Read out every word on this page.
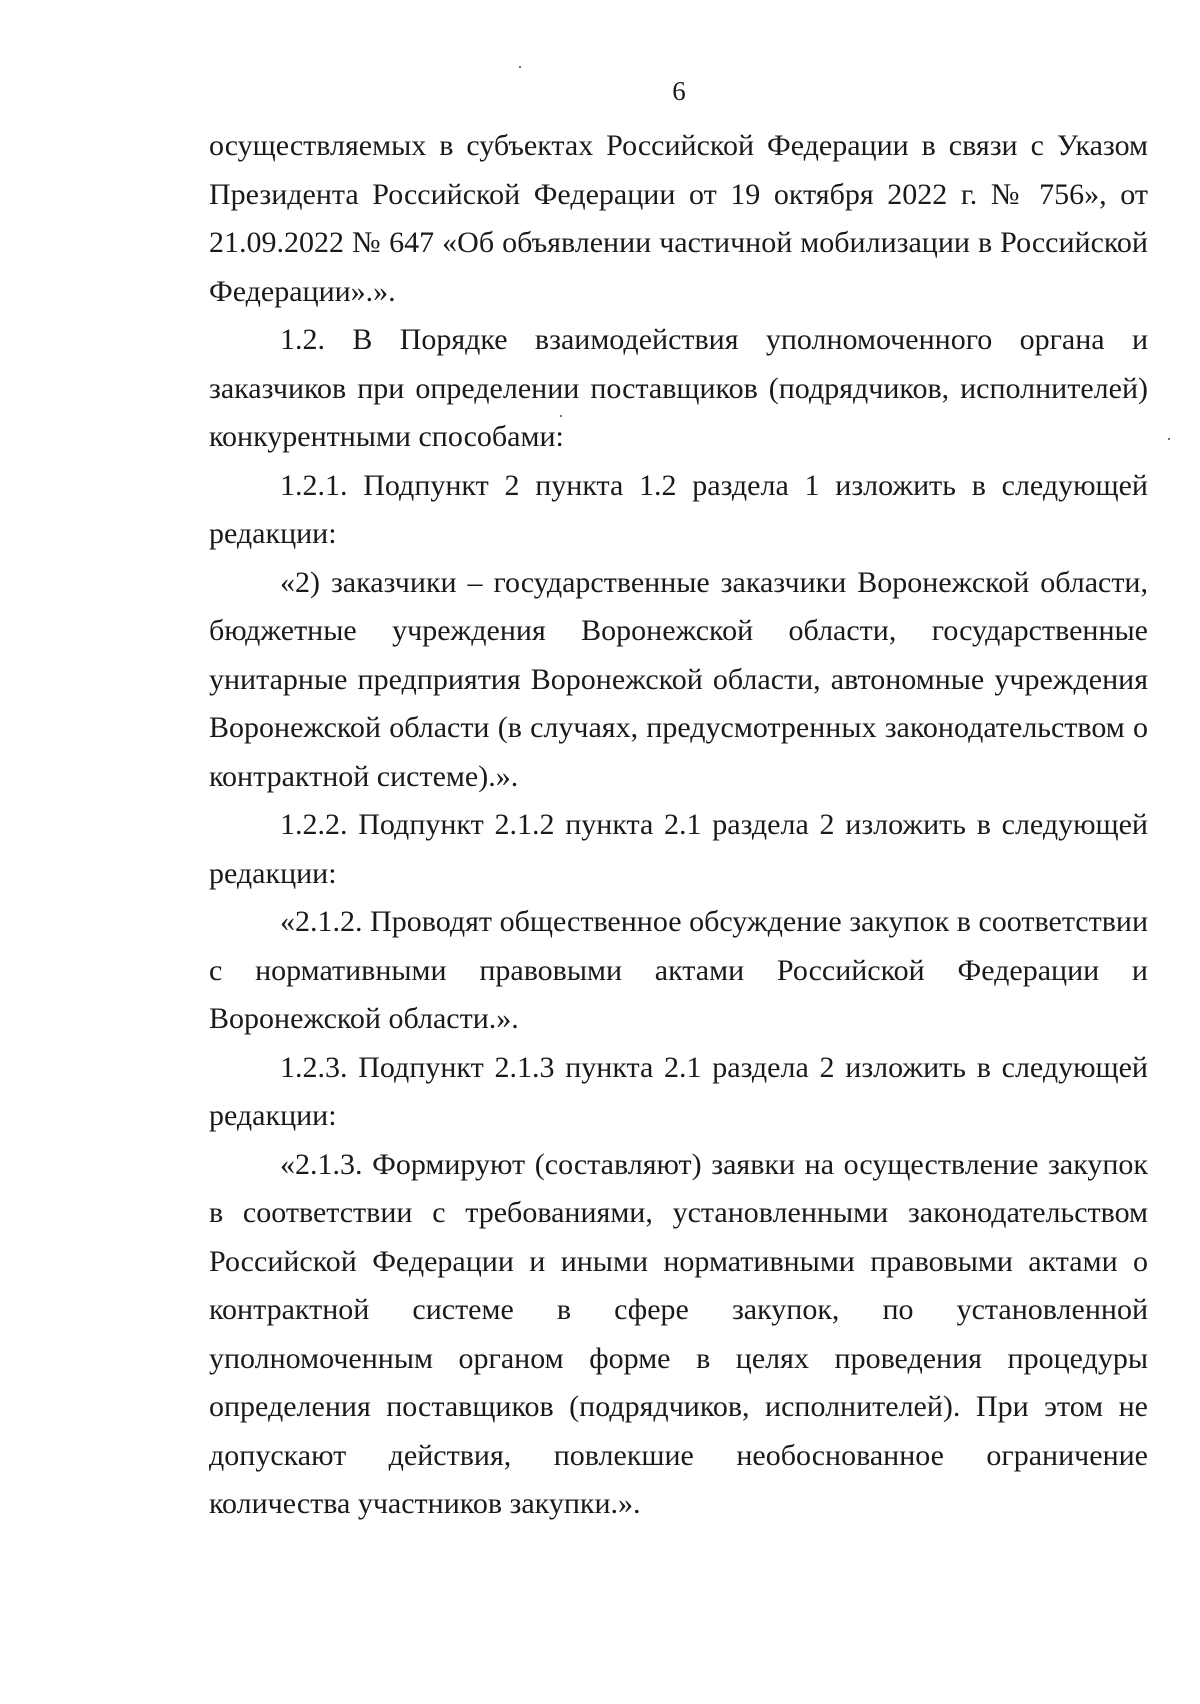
6

осуществляемых в субъектах Российской Федерации в связи с Указом Президента Российской Федерации от 19 октября 2022 г. № 756», от 21.09.2022 № 647 «Об объявлении частичной мобилизации в Российской Федерации».».

1.2. В Порядке взаимодействия уполномоченного органа и заказчиков при определении поставщиков (подрядчиков, исполнителей) конкурентными способами:

1.2.1. Подпункт 2 пункта 1.2 раздела 1 изложить в следующей редакции:

«2) заказчики – государственные заказчики Воронежской области, бюджетные учреждения Воронежской области, государственные унитарные предприятия Воронежской области, автономные учреждения Воронежской области (в случаях, предусмотренных законодательством о контрактной системе).».

1.2.2. Подпункт 2.1.2 пункта 2.1 раздела 2 изложить в следующей редакции:

«2.1.2. Проводят общественное обсуждение закупок в соответствии с нормативными правовыми актами Российской Федерации и Воронежской области.».

1.2.3. Подпункт 2.1.3 пункта 2.1 раздела 2 изложить в следующей редакции:

«2.1.3. Формируют (составляют) заявки на осуществление закупок в соответствии с требованиями, установленными законодательством Российской Федерации и иными нормативными правовыми актами о контрактной системе в сфере закупок, по установленной уполномоченным органом форме в целях проведения процедуры определения поставщиков (подрядчиков, исполнителей). При этом не допускают действия, повлекшие необоснованное ограничение количества участников закупки.».
